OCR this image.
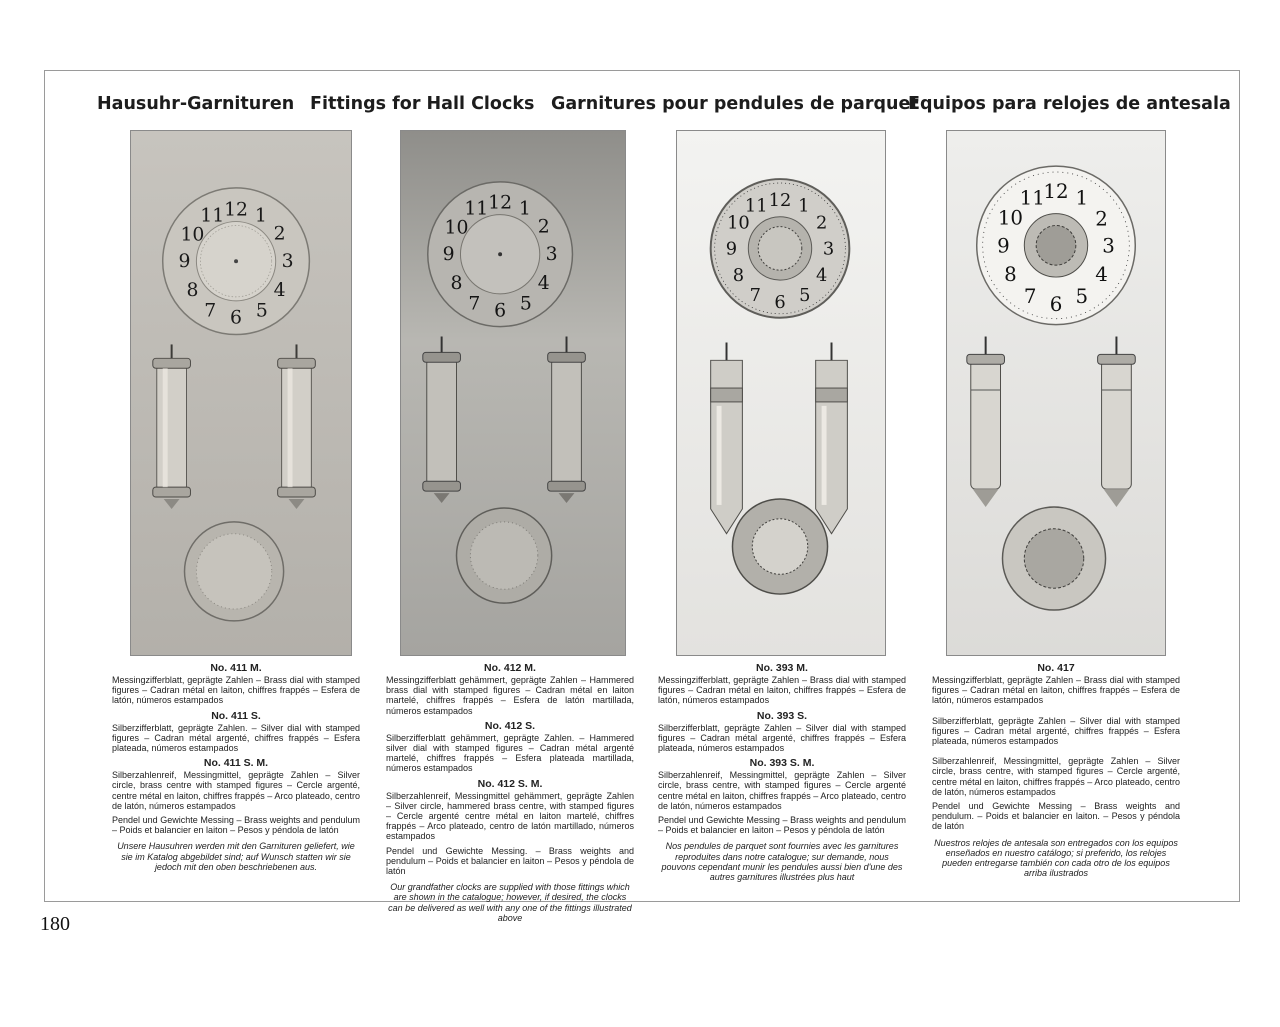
Hausuhr-Garnituren Fittings for Hall Clocks Garnitures pour pendules de parquet
Equipos para relojes de antesala
12 1
2
3
4
5
6
7
8
9
10
11
12 1
2
3
4
5
6
7
8
9
10
11	12 1
2
3
4
5
6
7
8
9
10
11
12 1
2
3
4
5
6
7
8
9
10
11
No. 411 M.
Messingzifferblatt, geprägte Zahlen – Brass dial with stamped figures – Cadran métal en laiton, chiffres frappés – Esfera de latón, números estampados
No. 411 S.
Silberzifferblatt, geprägte Zahlen. – Silver dial with stamped figures – Cadran métal argenté, chiffres frappés – Esfera plateada, números estampados
No. 411 S. M.
Silberzahlenreif, Messingmittel, geprägte Zahlen – Silver circle, brass centre with stamped figures – Cercle argenté, centre métal en laiton, chiffres frappés – Arco plateado, centro de latón, números estampados
Pendel und Gewichte Messing – Brass weights and pendulum – Poids et balancier en laiton – Pesos y péndola de latón
Unsere Hausuhren werden mit den Garnituren geliefert, wie sie im Katalog abgebildet sind; auf Wunsch statten wir sie jedoch mit den oben beschriebenen aus.
No. 412 M.
Messingzifferblatt gehämmert, geprägte Zahlen – Hammered brass dial with stamped figures – Cadran métal en laiton martelé, chiffres frappés – Esfera de latón martillada, números estampados
No. 412 S.
Silberzifferblatt gehämmert, geprägte Zahlen. – Hammered silver dial with stamped figures – Cadran métal argenté martelé, chiffres frappés – Esfera plateada martillada, números estampados
No. 412 S. M.
Silberzahlenreif, Messingmittel gehämmert, geprägte Zahlen – Silver circle, hammered brass centre, with stamped figures – Cercle argenté centre métal en laiton martelé, chiffres frappés – Arco plateado, centro de latón martillado, números estampados
Pendel und Gewichte Messing. – Brass weights and pendulum – Poids et balancier en laiton – Pesos y péndola de latón
Our grandfather clocks are supplied with those fittings which are shown in the catalogue; however, if desired, the clocks can be delivered as well with any one of the fittings illustrated above
No. 393 M.
Messingzifferblatt, geprägte Zahlen – Brass dial with stamped figures – Cadran métal en laiton, chiffres frappés – Esfera de latón, números estampados
No. 393 S.
Silberzifferblatt, geprägte Zahlen – Silver dial with stamped figures – Cadran métal argenté, chiffres frappés – Esfera plateada, números estampados
No. 393 S. M.
Silberzahlenreif, Messingmittel, geprägte Zahlen – Silver circle, brass centre, with stamped figures – Cercle argenté centre métal en laiton, chiffres frappés – Arco plateado, centro de latón, números estampados
Pendel und Gewichte Messing – Brass weights and pendulum – Poids et balancier en laiton – Pesos y péndola de latón
Nos pendules de parquet sont fournies avec les garnitures reproduites dans notre catalogue; sur demande, nous pouvons cependant munir les pendules aussi bien d'une des autres garnitures illustrées plus haut
No. 417
Messingzifferblatt, geprägte Zahlen – Brass dial with stamped figures – Cadran métal en laiton, chiffres frappés – Esfera de latón, números estampados
Silberzifferblatt, geprägte Zahlen – Silver dial with stamped figures – Cadran métal argenté, chiffres frappés – Esfera plateada, números estampados
Silberzahlenreif, Messingmittel, geprägte Zahlen – Silver circle, brass centre, with stamped figures – Cercle argenté, centre métal en laiton, chiffres frappés – Arco plateado, centro de latón, números estampados
Pendel und Gewichte Messing – Brass weights and pendulum. – Poids et balancier en laiton. – Pesos y péndola de latón
Nuestros relojes de antesala son entregados con los equipos enseñados en nuestro catálogo; si preferido, los relojes pueden entregarse también con cada otro de los equipos arriba ilustrados
180
